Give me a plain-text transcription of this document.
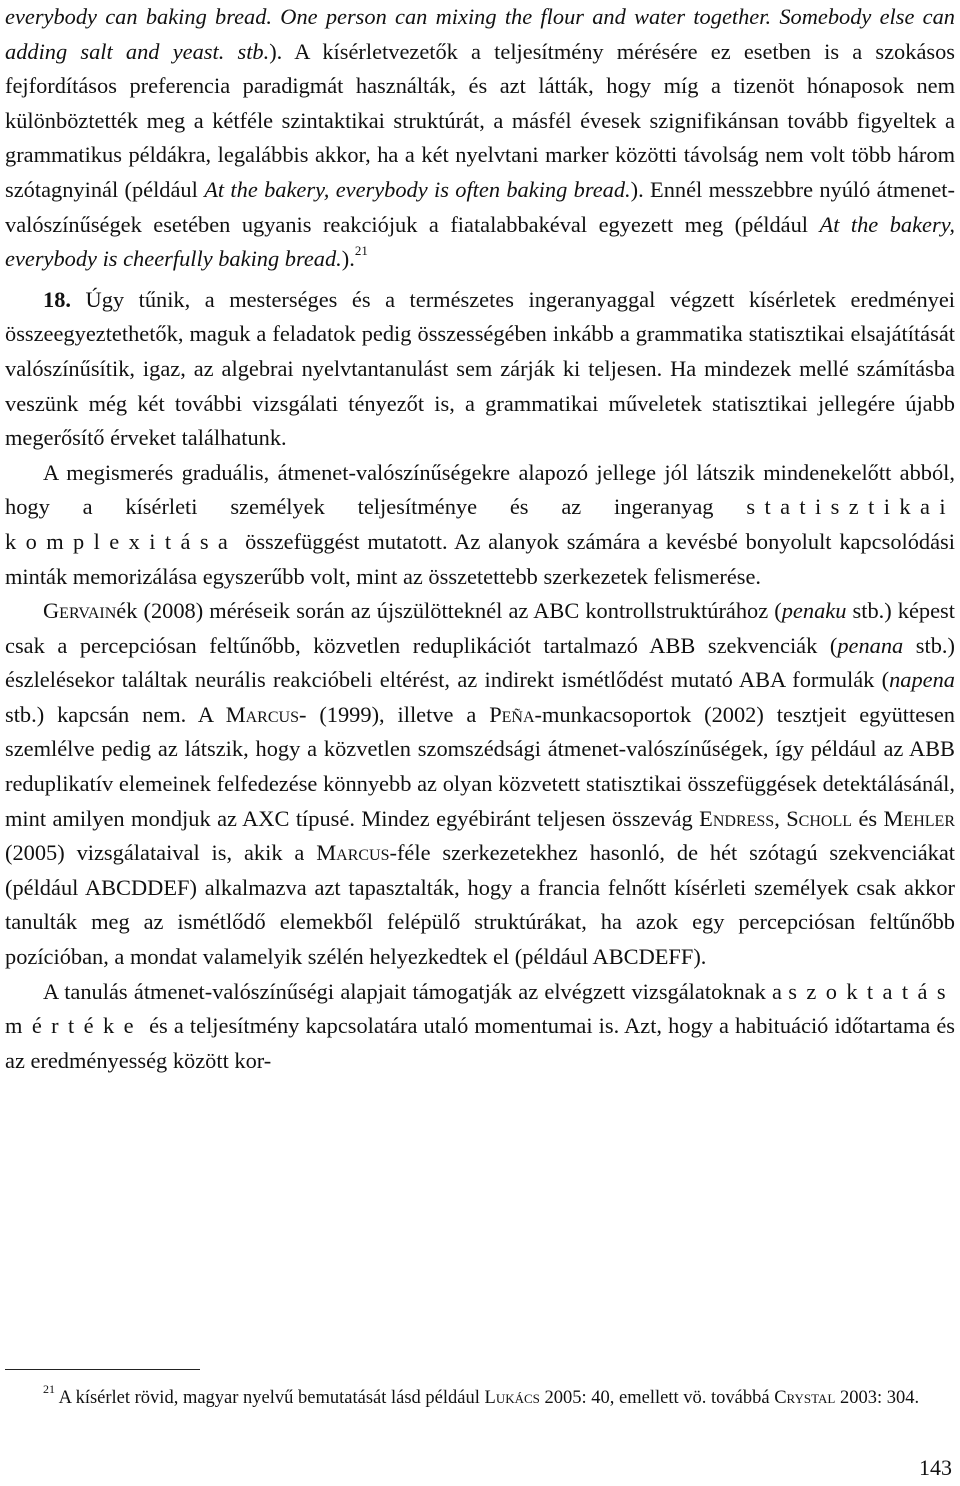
everybody can baking bread. One person can mixing the flour and water together. Somebody else can adding salt and yeast. stb.). A kísérletvezetők a teljesítmény mérésére ez esetben is a szokásos fejfordításos preferencia paradigmát használták, és azt látták, hogy míg a tizenöt hónaposok nem különböztették meg a kétféle szintaktikai struktúrát, a másfél évesek szignifikánsan tovább figyeltek a grammatikus példákra, legalábbis akkor, ha a két nyelvtani marker közötti távolság nem volt több három szótagnyinál (például At the bakery, everybody is often baking bread.). Ennél messzebbre nyúló átmenet-valószínűségek esetében ugyanis reakciójuk a fiatalabbakéval egyezett meg (például At the bakery, everybody is cheerfully baking bread.).$^{21}$

18. Úgy tűnik, a mesterséges és a természetes ingeranyaggal végzett kísérletek eredményei összeegyeztethetők, maguk a feladatok pedig összességében inkább a grammatika statisztikai elsajátítását valószínűsítik, igaz, az algebrai nyelvtantanulást sem zárják ki teljesen. Ha mindezek mellé számításba veszünk még két további vizsgálati tényezőt is, a grammatikai műveletek statisztikai jellegére újabb megerősítő érveket találhatunk.

A megismerés graduális, átmenet-valószínűségekre alapozó jellege jól látszik mindenekelőtt abból, hogy a kísérleti személyek teljesítménye és az ingeranyag statisztikai komplexitása összefüggést mutatott. Az alanyok számára a kevésbé bonyolult kapcsolódási minták memorizálása egyszerűbb volt, mint az összetettebb szerkezetek felismerése.

Gervainék (2008) méréseik során az újszülötteknél az ABC kontrollstruktúrához (penaku stb.) képest csak a percepciósan feltűnőbb, közvetlen reduplikációt tartalmazó ABB szekvenciák (penana stb.) észlelésekor találtak neurális reakcióbeli eltérést, az indirekt ismétlődést mutató ABA formulák (napena stb.) kapcsán nem. A Marcus- (1999), illetve a Peña-munkacsoportok (2002) tesztjeit együttesen szemlélve pedig az látszik, hogy a közvetlen szomszédsági átmenet-valószínűségek, így például az ABB reduplikatív elemeinek felfedezése könnyebb az olyan közvetett statisztikai összefüggések detektálásánál, mint amilyen mondjuk az AXC típusé. Mindez egyébiránt teljesen összevág Endress, Scholl és Mehler (2005) vizsgálataival is, akik a Marcus-féle szerkezetekhez hasonló, de hét szótagú szekvenciákat (például ABCDDEF) alkalmazva azt tapasztalták, hogy a francia felnőtt kísérleti személyek csak akkor tanulták meg az ismétlődő elemekből felépülő struktúrákat, ha azok egy percepciósan feltűnőbb pozícióban, a mondat valamelyik szélén helyezkedtek el (például ABCDEFF).

A tanulás átmenet-valószínűségi alapjait támogatják az elvégzett vizsgálatoknak a szoktatás mértéke és a teljesítmény kapcsolatára utaló momentumai is. Azt, hogy a habituáció időtartama és az eredményesség között kor-

$^{21}$ A kísérlet rövid, magyar nyelvű bemutatását lásd például Lukács 2005: 40, emellett vö. továbbá Crystal 2003: 304.
143
